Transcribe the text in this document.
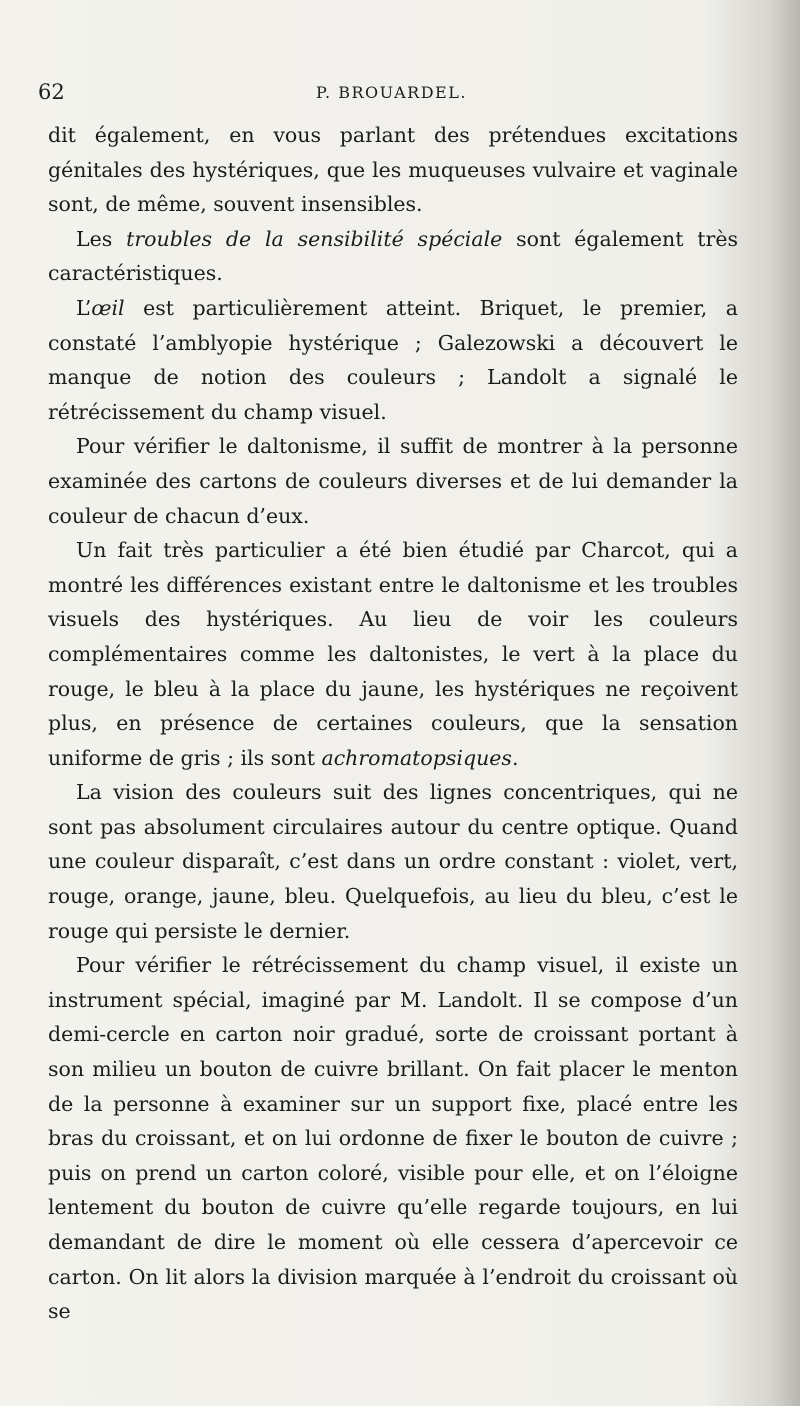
62	P. BROUARDEL.

dit également, en vous parlant des prétendues excitations génitales des hystériques, que les muqueuses vulvaire et vaginale sont, de même, souvent insensibles.

Les troubles de la sensibilité spéciale sont également très caractéristiques.

L’œil est particulièrement atteint. Briquet, le premier, a constaté l’amblyopie hystérique ; Galezowski a découvert le manque de notion des couleurs ; Landolt a signalé le rétrécissement du champ visuel.

Pour vérifier le daltonisme, il suffit de montrer à la personne examinée des cartons de couleurs diverses et de lui demander la couleur de chacun d’eux.

Un fait très particulier a été bien étudié par Charcot, qui a montré les différences existant entre le daltonisme et les troubles visuels des hystériques. Au lieu de voir les couleurs complémentaires comme les daltonistes, le vert à la place du rouge, le bleu à la place du jaune, les hystériques ne reçoivent plus, en présence de certaines couleurs, que la sensation uniforme de gris ; ils sont achromatopsiques.

La vision des couleurs suit des lignes concentriques, qui ne sont pas absolument circulaires autour du centre optique. Quand une couleur disparaît, c’est dans un ordre constant : violet, vert, rouge, orange, jaune, bleu. Quelquefois, au lieu du bleu, c’est le rouge qui persiste le dernier.

Pour vérifier le rétrécissement du champ visuel, il existe un instrument spécial, imaginé par M. Landolt. Il se compose d’un demi-cercle en carton noir gradué, sorte de croissant portant à son milieu un bouton de cuivre brillant. On fait placer le menton de la personne à examiner sur un support fixe, placé entre les bras du croissant, et on lui ordonne de fixer le bouton de cuivre ; puis on prend un carton coloré, visible pour elle, et on l’éloigne lentement du bouton de cuivre qu’elle regarde toujours, en lui demandant de dire le moment où elle cessera d’apercevoir ce carton. On lit alors la division marquée à l’endroit du croissant où se
